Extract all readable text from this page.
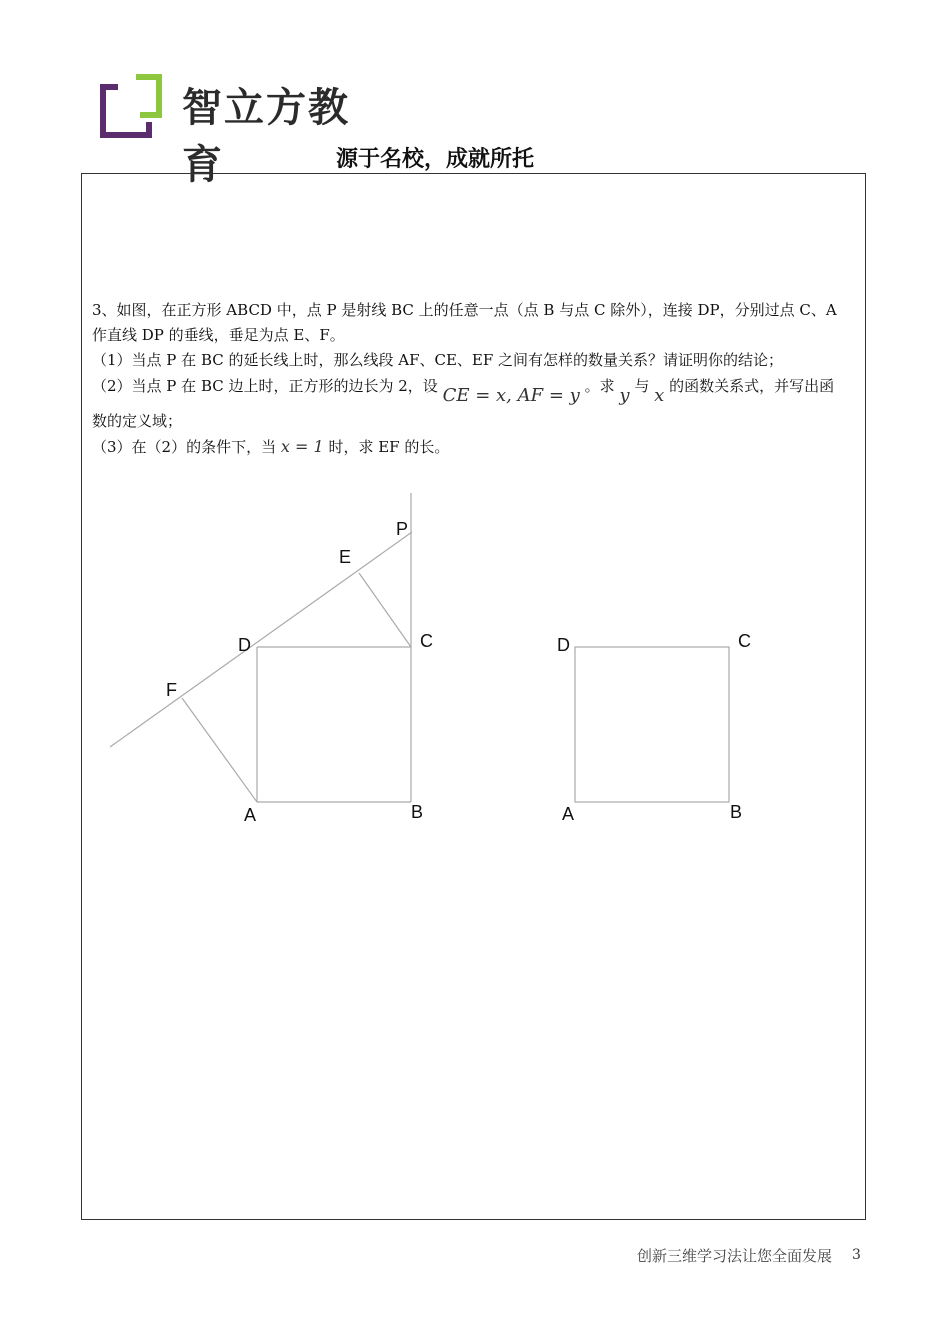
智立方教育	源于名校，成就所托

3、如图，在正方形 ABCD 中，点 P 是射线 BC 上的任意一点（点 B 与点 C 除外），连接 DP，分别过点 C、A

作直线 DP 的垂线，垂足为点 E、F。

（1）当点 P 在 BC 的延长线上时，那么线段 AF、CE、EF 之间有怎样的数量关系？请证明你的结论；

（2）当点 P 在 BC 边上时，正方形的边长为 2，设 CE = x, AF = y 。求 y 与 x 的函数关系式，并写出函

数的定义域；

（3）在（2）的条件下，当 x = 1 时，求 EF 的长。

P
E
D	C
F
A	B
D	C
A	B
创新三维学习法让您全面发展 3
